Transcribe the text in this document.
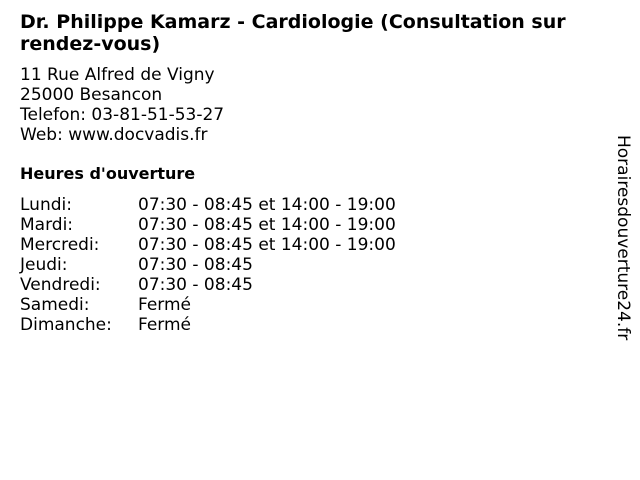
Dr. Philippe Kamarz - Cardiologie (Consultation sur rendez-vous)
11 Rue Alfred de Vigny
25000 Besancon
Telefon: 03-81-51-53-27
Web: www.docvadis.fr
Heures d'ouverture
Lundi:	07:30 - 08:45 et 14:00 - 19:00
Mardi:	07:30 - 08:45 et 14:00 - 19:00
Mercredi:	07:30 - 08:45 et 14:00 - 19:00
Jeudi:	07:30 - 08:45
Vendredi:	07:30 - 08:45
Samedi:	Fermé
Dimanche:	Fermé	Horairesdouverture24.fr
